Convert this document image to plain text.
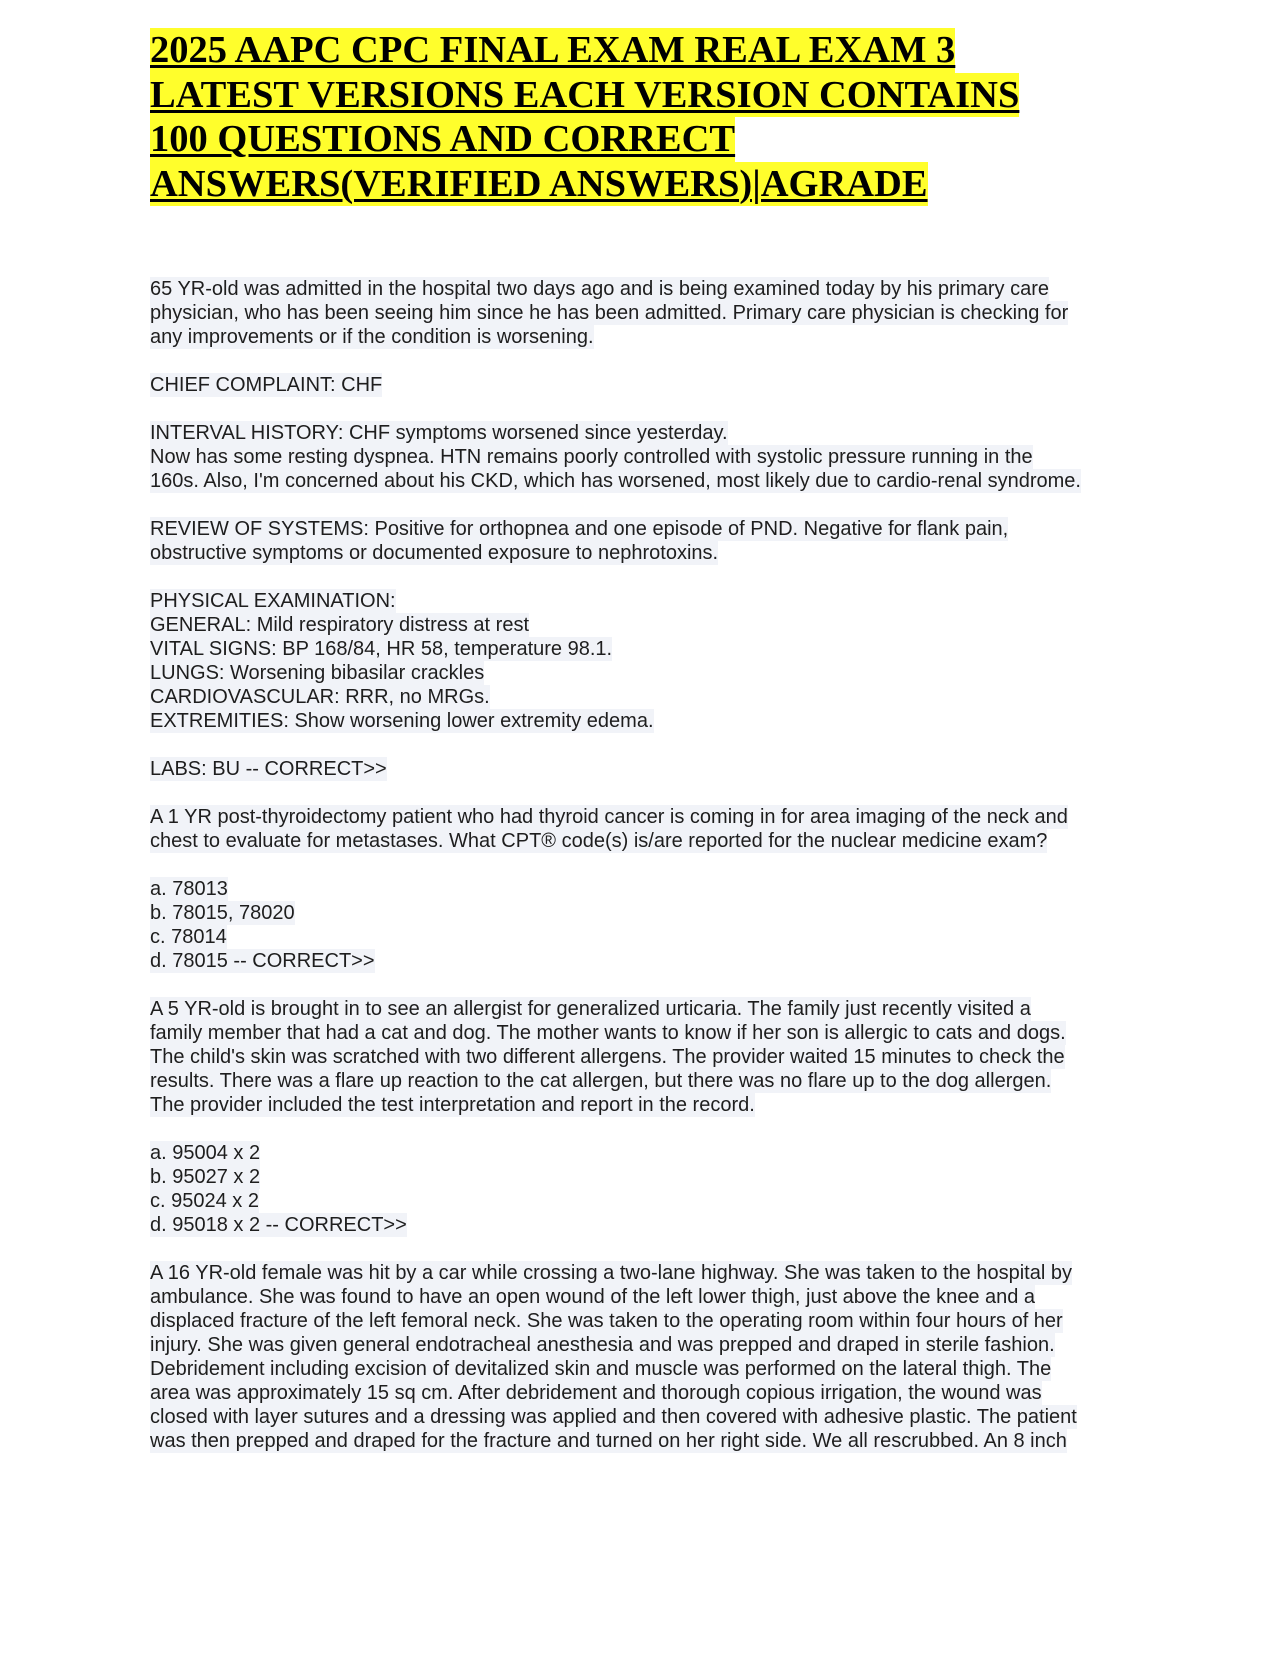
2025 AAPC CPC FINAL EXAM REAL EXAM 3
LATEST VERSIONS EACH VERSION CONTAINS
100 QUESTIONS AND CORRECT
ANSWERS(VERIFIED ANSWERS)|AGRADE

65 YR-old was admitted in the hospital two days ago and is being examined today by his primary care
physician, who has been seeing him since he has been admitted. Primary care physician is checking for
any improvements or if the condition is worsening.

CHIEF COMPLAINT: CHF

INTERVAL HISTORY: CHF symptoms worsened since yesterday.
Now has some resting dyspnea. HTN remains poorly controlled with systolic pressure running in the
160s. Also, I'm concerned about his CKD, which has worsened, most likely due to cardio-renal syndrome.

REVIEW OF SYSTEMS: Positive for orthopnea and one episode of PND. Negative for flank pain,
obstructive symptoms or documented exposure to nephrotoxins.

PHYSICAL EXAMINATION:
GENERAL: Mild respiratory distress at rest
VITAL SIGNS: BP 168/84, HR 58, temperature 98.1.
LUNGS: Worsening bibasilar crackles
CARDIOVASCULAR: RRR, no MRGs.
EXTREMITIES: Show worsening lower extremity edema.

LABS: BU -- CORRECT>>

A 1 YR post-thyroidectomy patient who had thyroid cancer is coming in for area imaging of the neck and
chest to evaluate for metastases. What CPT® code(s) is/are reported for the nuclear medicine exam?

a. 78013
b. 78015, 78020
c. 78014
d. 78015 -- CORRECT>>

A 5 YR-old is brought in to see an allergist for generalized urticaria. The family just recently visited a
family member that had a cat and dog. The mother wants to know if her son is allergic to cats and dogs.
The child's skin was scratched with two different allergens. The provider waited 15 minutes to check the
results. There was a flare up reaction to the cat allergen, but there was no flare up to the dog allergen.
The provider included the test interpretation and report in the record.

a. 95004 x 2
b. 95027 x 2
c. 95024 x 2
d. 95018 x 2 -- CORRECT>>

A 16 YR-old female was hit by a car while crossing a two-lane highway. She was taken to the hospital by
ambulance. She was found to have an open wound of the left lower thigh, just above the knee and a
displaced fracture of the left femoral neck. She was taken to the operating room within four hours of her
injury. She was given general endotracheal anesthesia and was prepped and draped in sterile fashion.
Debridement including excision of devitalized skin and muscle was performed on the lateral thigh. The
area was approximately 15 sq cm. After debridement and thorough copious irrigation, the wound was
closed with layer sutures and a dressing was applied and then covered with adhesive plastic. The patient
was then prepped and draped for the fracture and turned on her right side. We all rescrubbed. An 8 inch
